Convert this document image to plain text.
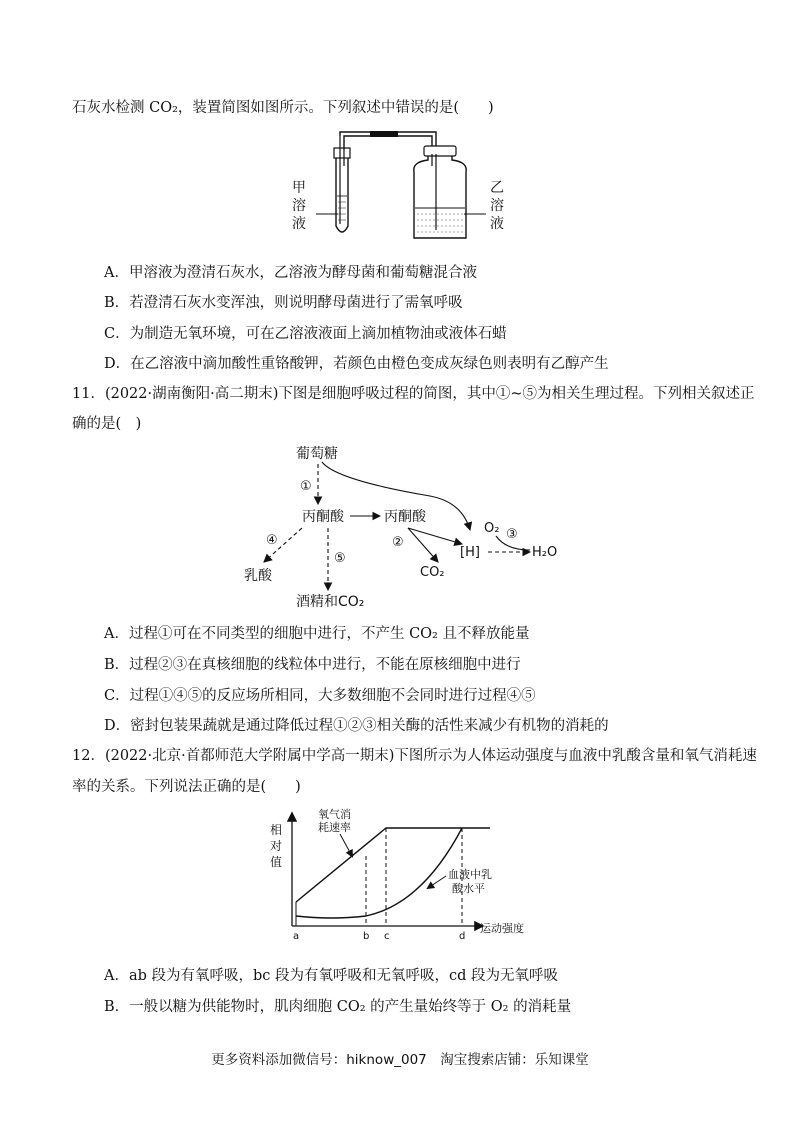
石灰水检测 CO₂，装置简图如图所示。下列叙述中错误的是(　　)
甲
溶
液
乙
溶
液
A．甲溶液为澄清石灰水，乙溶液为酵母菌和葡萄糖混合液
B．若澄清石灰水变浑浊，则说明酵母菌进行了需氧呼吸
C．为制造无氧环境，可在乙溶液液面上滴加植物油或液体石蜡
D．在乙溶液中滴加酸性重铬酸钾，若颜色由橙色变成灰绿色则表明有乙醇产生
11．(2022·湖南衡阳·高二期末)下图是细胞呼吸过程的简图，其中①~⑤为相关生理过程。下列相关叙述正
确的是(　)
葡萄糖
①
丙酮酸	丙酮酸
④
乳酸
⑤
酒精和CO₂
②
CO₂
[H]
O₂ ③
H₂O
A．过程①可在不同类型的细胞中进行，不产生 CO₂ 且不释放能量
B．过程②③在真核细胞的线粒体中进行，不能在原核细胞中进行
C．过程①④⑤的反应场所相同，大多数细胞不会同时进行过程④⑤
D．密封包装果蔬就是通过降低过程①②③相关酶的活性来减少有机物的消耗的
12．(2022·北京·首都师范大学附属中学高一期末)下图所示为人体运动强度与血液中乳酸含量和氧气消耗速
率的关系。下列说法正确的是(　　)
相
对
值
氧气消
耗速率
血液中乳
酸水平
运动强度
a	b c	d
A．ab 段为有氧呼吸，bc 段为有氧呼吸和无氧呼吸，cd 段为无氧呼吸
B．一般以糖为供能物时，肌肉细胞 CO₂ 的产生量始终等于 O₂ 的消耗量
更多资料添加微信号：hiknow_007　淘宝搜索店铺：乐知课堂
